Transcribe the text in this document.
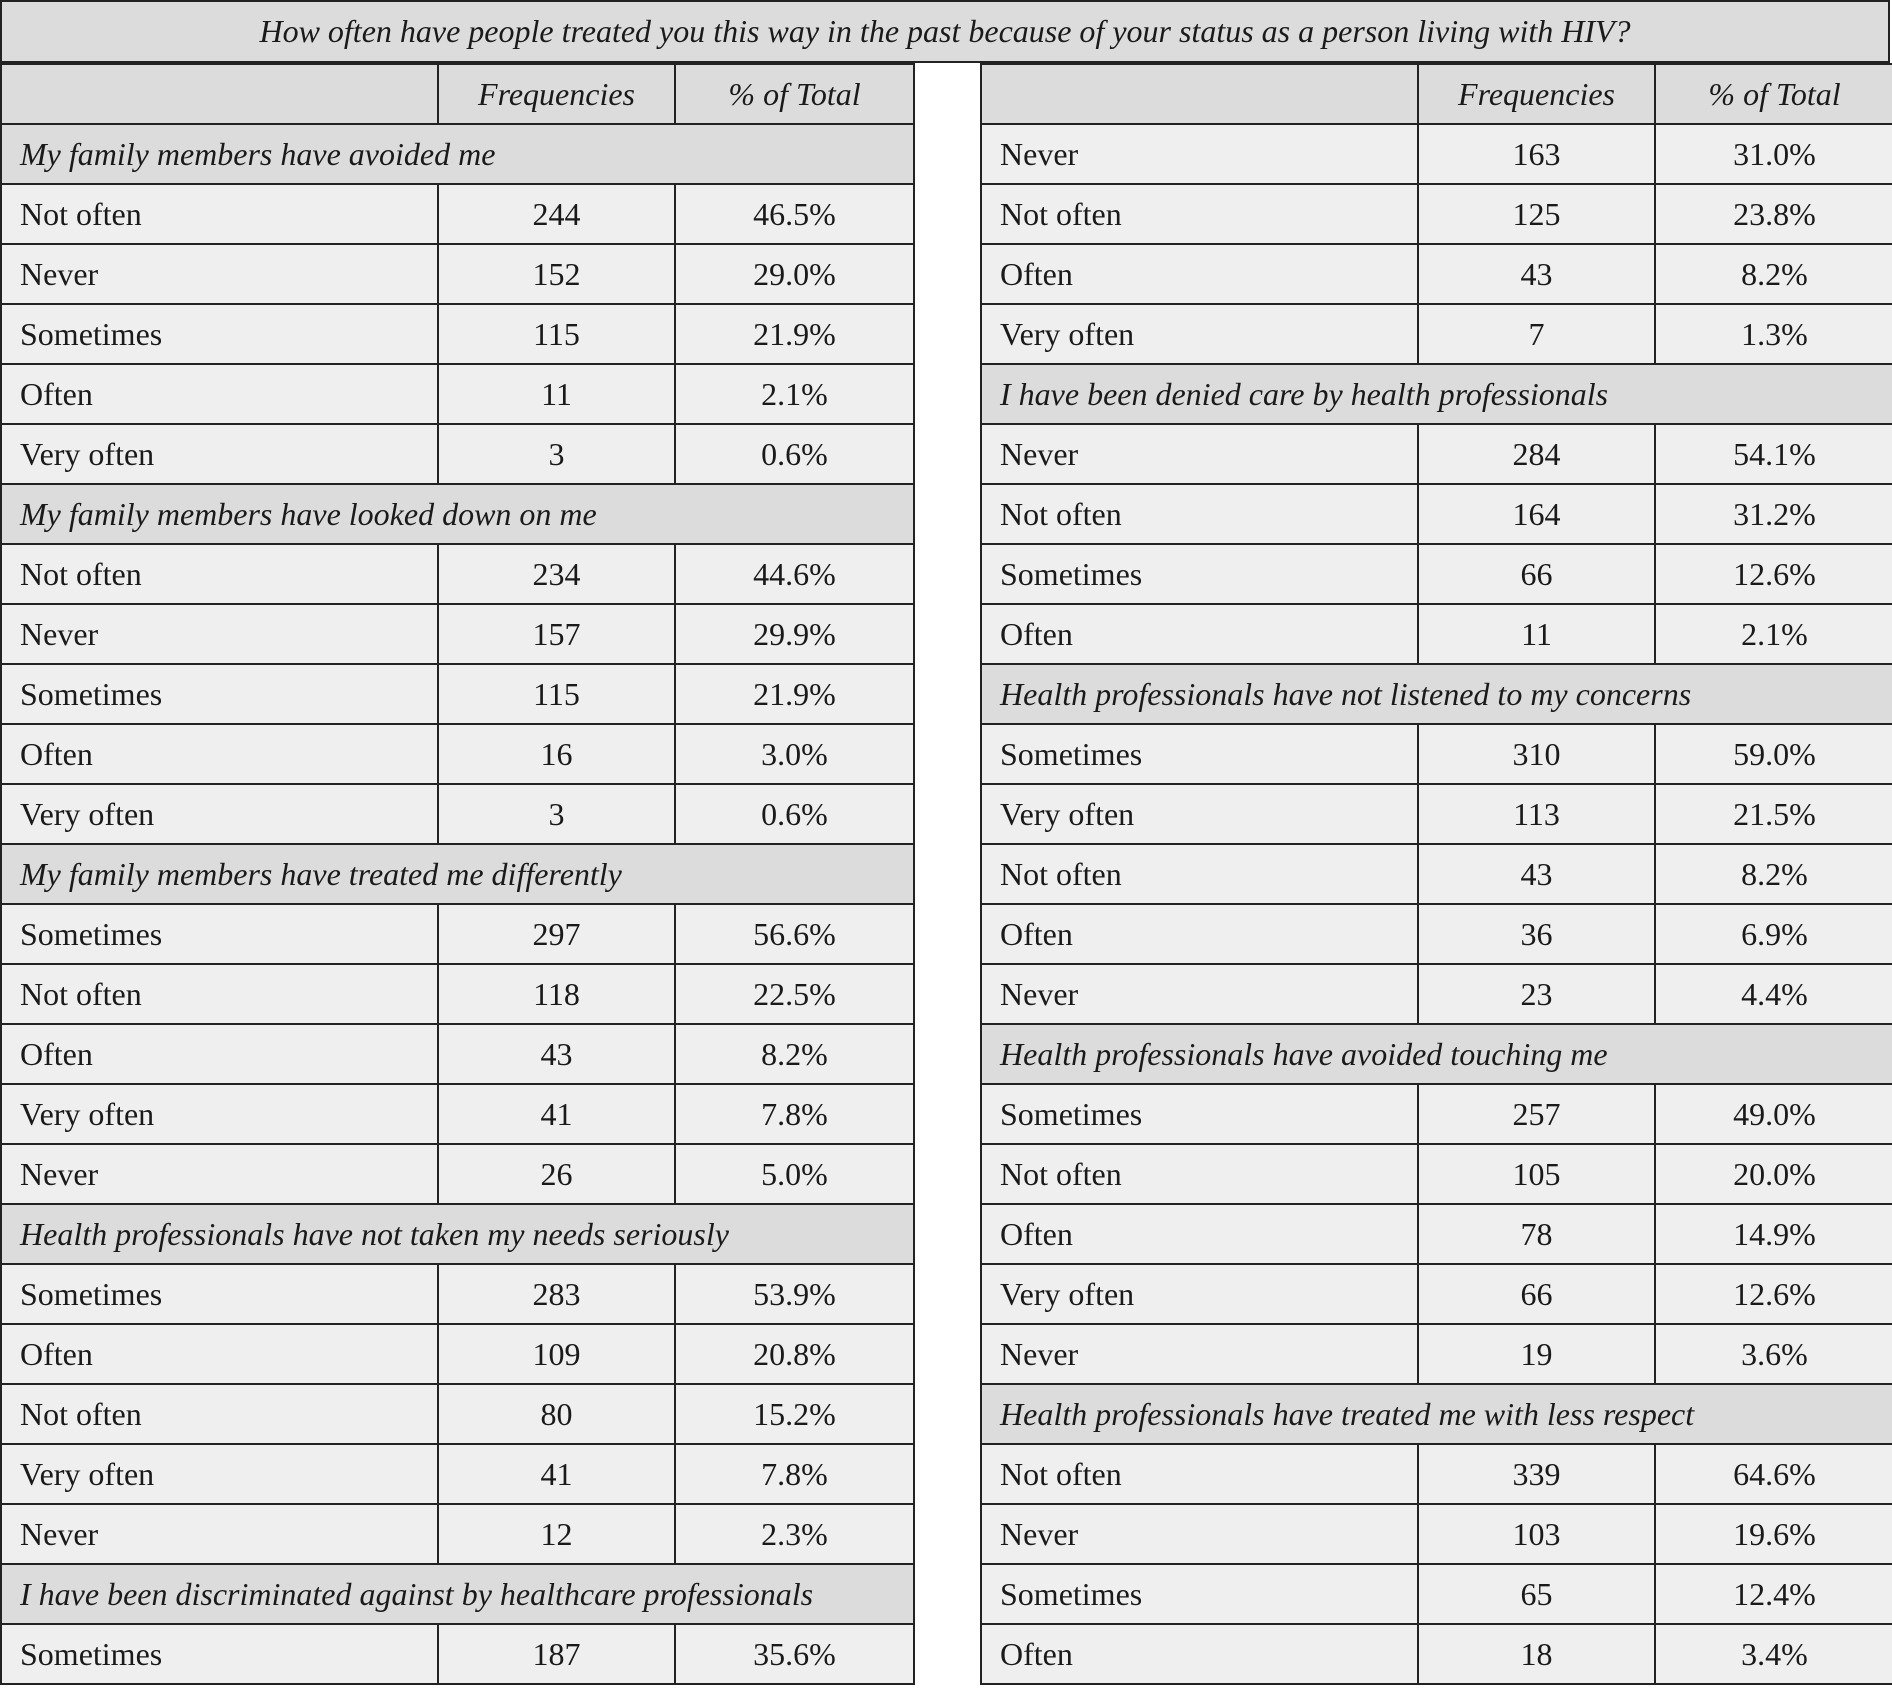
How often have people treated you this way in the past because of your status as a person living with HIV?
	Frequencies	% of Total
My family members have avoided me		
Not often	244	46.5%
Never	152	29.0%
Sometimes	115	21.9%
Often	11	2.1%
Very often	3	0.6%
My family members have looked down on me		
Not often	234	44.6%
Never	157	29.9%
Sometimes	115	21.9%
Often	16	3.0%
Very often	3	0.6%
My family members have treated me differently		
Sometimes	297	56.6%
Not often	118	22.5%
Often	43	8.2%
Very often	41	7.8%
Never	26	5.0%
Health professionals have not taken my needs seriously		
Sometimes	283	53.9%
Often	109	20.8%
Not often	80	15.2%
Very often	41	7.8%
Never	12	2.3%
I have been discriminated against by healthcare professionals		
Sometimes	187	35.6%
	Frequencies	% of Total
Never	163	31.0%
Not often	125	23.8%
Often	43	8.2%
Very often	7	1.3%
I have been denied care by health professionals		
Never	284	54.1%
Not often	164	31.2%
Sometimes	66	12.6%
Often	11	2.1%
Health professionals have not listened to my concerns		
Sometimes	310	59.0%
Very often	113	21.5%
Not often	43	8.2%
Often	36	6.9%
Never	23	4.4%
Health professionals have avoided touching me		
Sometimes	257	49.0%
Not often	105	20.0%
Often	78	14.9%
Very often	66	12.6%
Never	19	3.6%
Health professionals have treated me with less respect		
Not often	339	64.6%
Never	103	19.6%
Sometimes	65	12.4%
Often	18	3.4%
